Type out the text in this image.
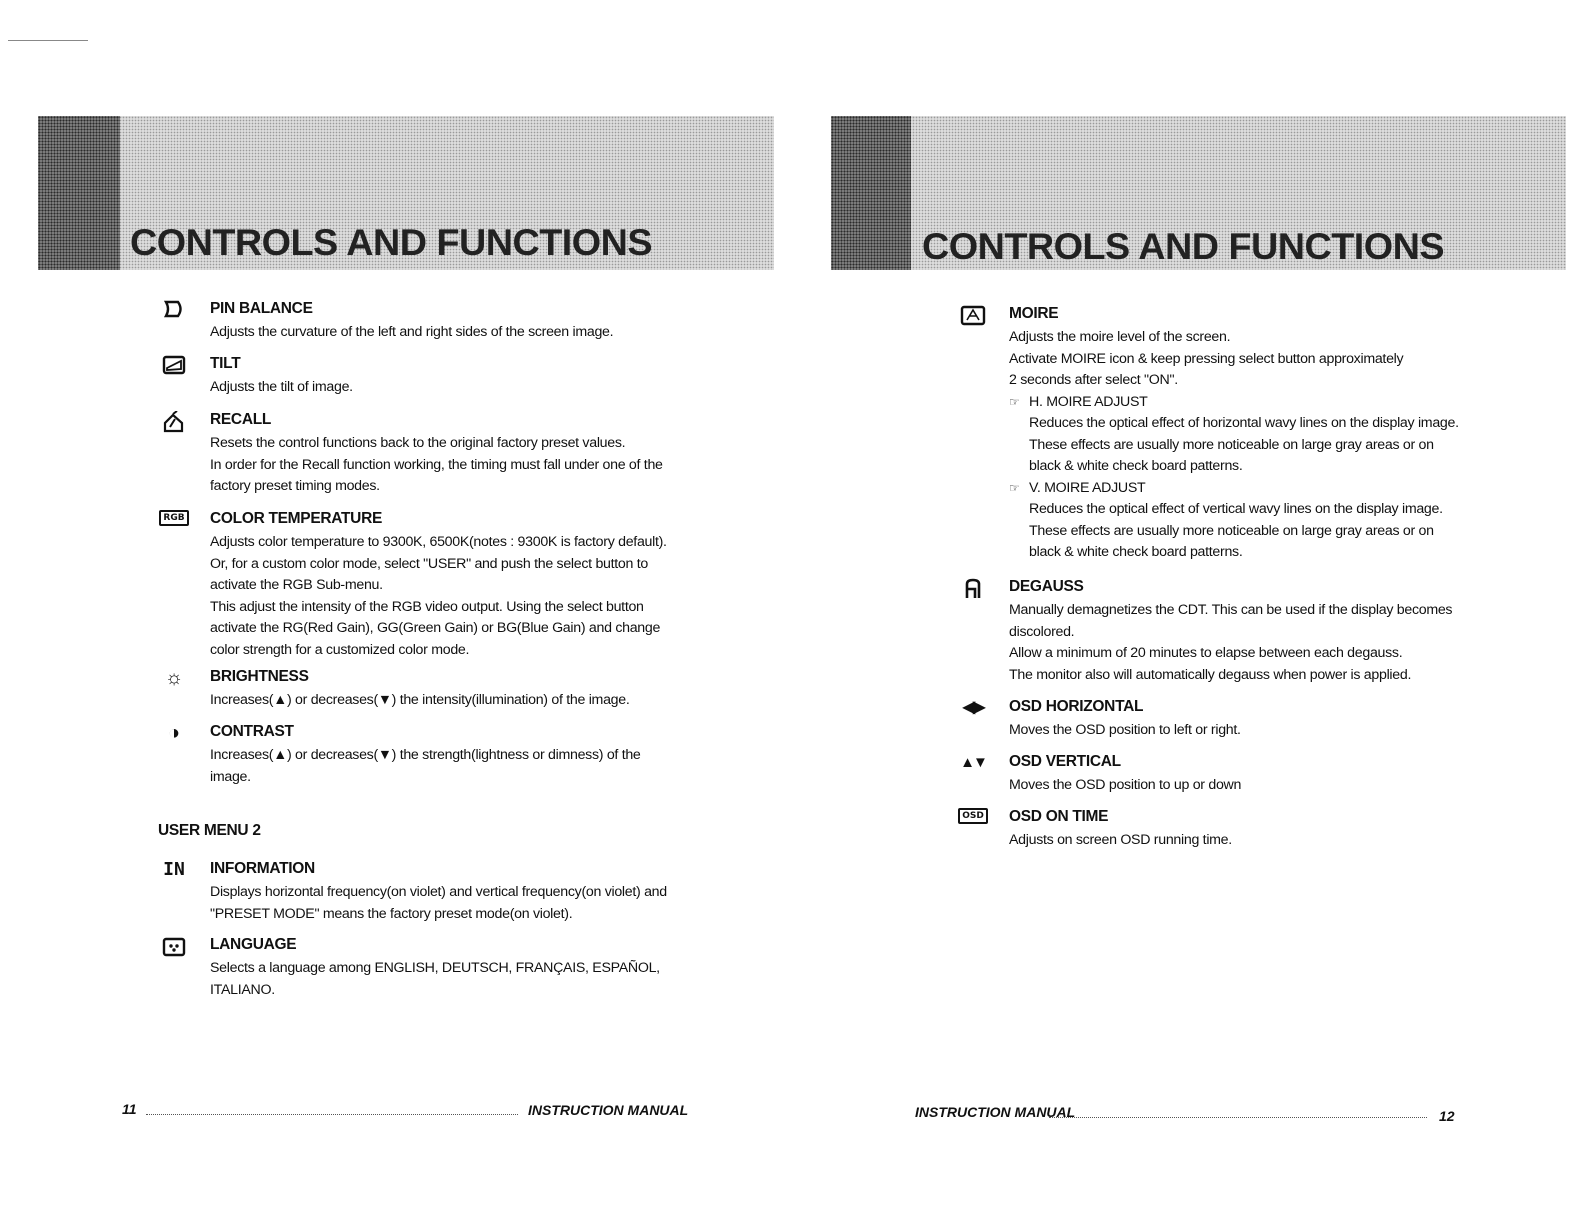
CONTROLS AND FUNCTIONS
PIN BALANCE
Adjusts the curvature of the left and right sides of the screen image.
TILT
Adjusts the tilt of image.
RECALL
Resets the control functions back to the original factory preset values.
In order for the Recall function working, the timing must fall under one of the
factory preset timing modes.
RGB COLOR TEMPERATURE
Adjusts color temperature to 9300K, 6500K(notes : 9300K is factory default).
Or, for a custom color mode, select "USER" and push the select button to
activate the RGB Sub-menu.
This adjust the intensity of the RGB video output. Using the select button
activate the RG(Red Gain), GG(Green Gain) or BG(Blue Gain) and change
color strength for a customized color mode.
☼	BRIGHTNESS
Increases(▲) or decreases(▼) the intensity(illumination) of the image.
◑	CONTRAST
Increases(▲) or decreases(▼) the strength(lightness or dimness) of the
image.
USER MENU 2
IN INFORMATION
Displays horizontal frequency(on violet) and vertical frequency(on violet) and
"PRESET MODE" means the factory preset mode(on violet).
LANGUAGE
Selects a language among ENGLISH, DEUTSCH, FRANÇAIS, ESPAÑOL,
ITALIANO.
11	INSTRUCTION MANUAL
CONTROLS AND FUNCTIONS
MOIRE
Adjusts the moire level of the screen.
Activate MOIRE icon & keep pressing select button approximately
2 seconds after select "ON".
☞ H. MOIRE ADJUST
Reduces the optical effect of horizontal wavy lines on the display image.
These effects are usually more noticeable on large gray areas or on
black & white check board patterns.
☞ V. MOIRE ADJUST
Reduces the optical effect of vertical wavy lines on the display image.
These effects are usually more noticeable on large gray areas or on
black & white check board patterns.
DEGAUSS
Manually demagnetizes the CDT. This can be used if the display becomes
discolored.
Allow a minimum of 20 minutes to elapse between each degauss.
The monitor also will automatically degauss when power is applied.
◀▶ OSD HORIZONTAL
Moves the OSD position to left or right.
▲▼ OSD VERTICAL
Moves the OSD position to up or down
OSD OSD ON TIME
Adjusts on screen OSD running time.
INSTRUCTION MANUAL	12
